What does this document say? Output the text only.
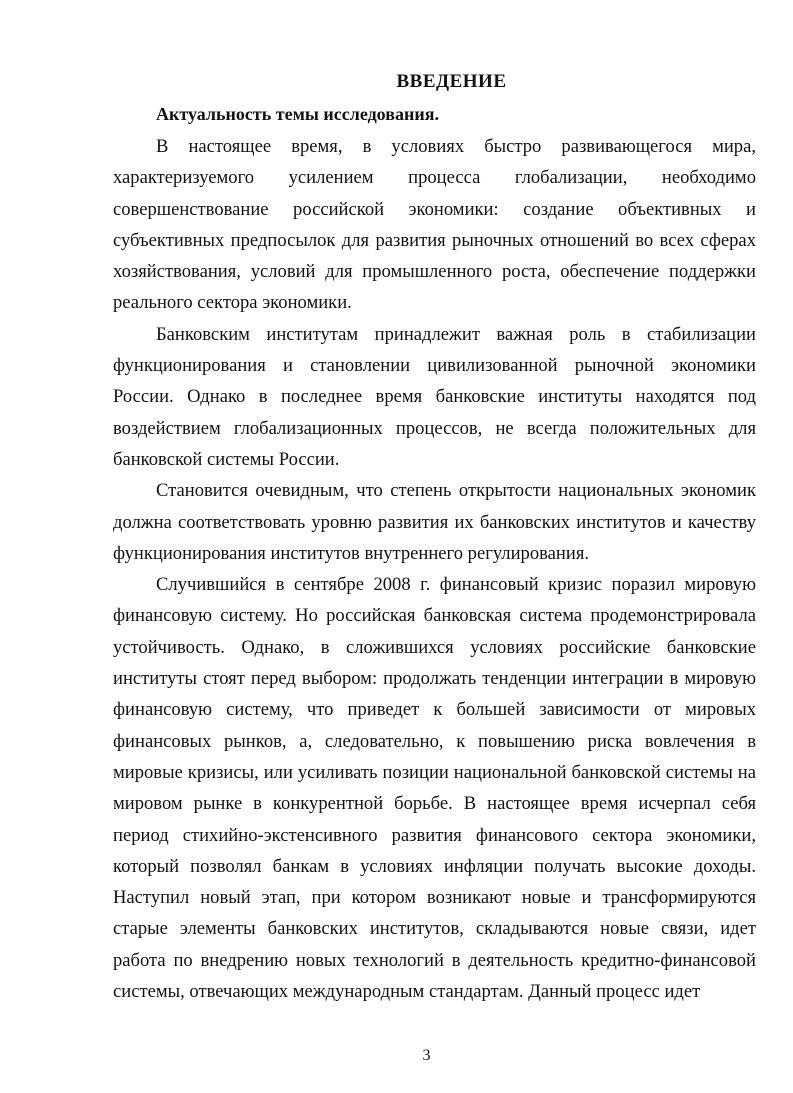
ВВЕДЕНИЕ
Актуальность темы исследования.

В настоящее время, в условиях быстро развивающегося мира, характеризуемого усилением процесса глобализации, необходимо совершенствование российской экономики: создание объективных и субъективных предпосылок для развития рыночных отношений во всех сферах хозяйствования, условий для промышленного роста, обеспечение поддержки реального сектора экономики.

Банковским институтам принадлежит важная роль в стабилизации функционирования и становлении цивилизованной рыночной экономики России. Однако в последнее время банковские институты находятся под воздействием глобализационных процессов, не всегда положительных для банковской системы России.

Становится очевидным, что степень открытости национальных экономик должна соответствовать уровню развития их банковских институтов и качеству функционирования институтов внутреннего регулирования.

Случившийся в сентябре 2008 г. финансовый кризис поразил мировую финансовую систему. Но российская банковская система продемонстрировала устойчивость. Однако, в сложившихся условиях российские банковские институты стоят перед выбором: продолжать тенденции интеграции в мировую финансовую систему, что приведет к большей зависимости от мировых финансовых рынков, а, следовательно, к повышению риска вовлечения в мировые кризисы, или усиливать позиции национальной банковской системы на мировом рынке в конкурентной борьбе. В настоящее время исчерпал себя период стихийно-экстенсивного развития финансового сектора экономики, который позволял банкам в условиях инфляции получать высокие доходы. Наступил новый этап, при котором возникают новые и трансформируются старые элементы банковских институтов, складываются новые связи, идет работа по внедрению новых технологий в деятельность кредитно-финансовой системы, отвечающих международным стандартам. Данный процесс идет

3
